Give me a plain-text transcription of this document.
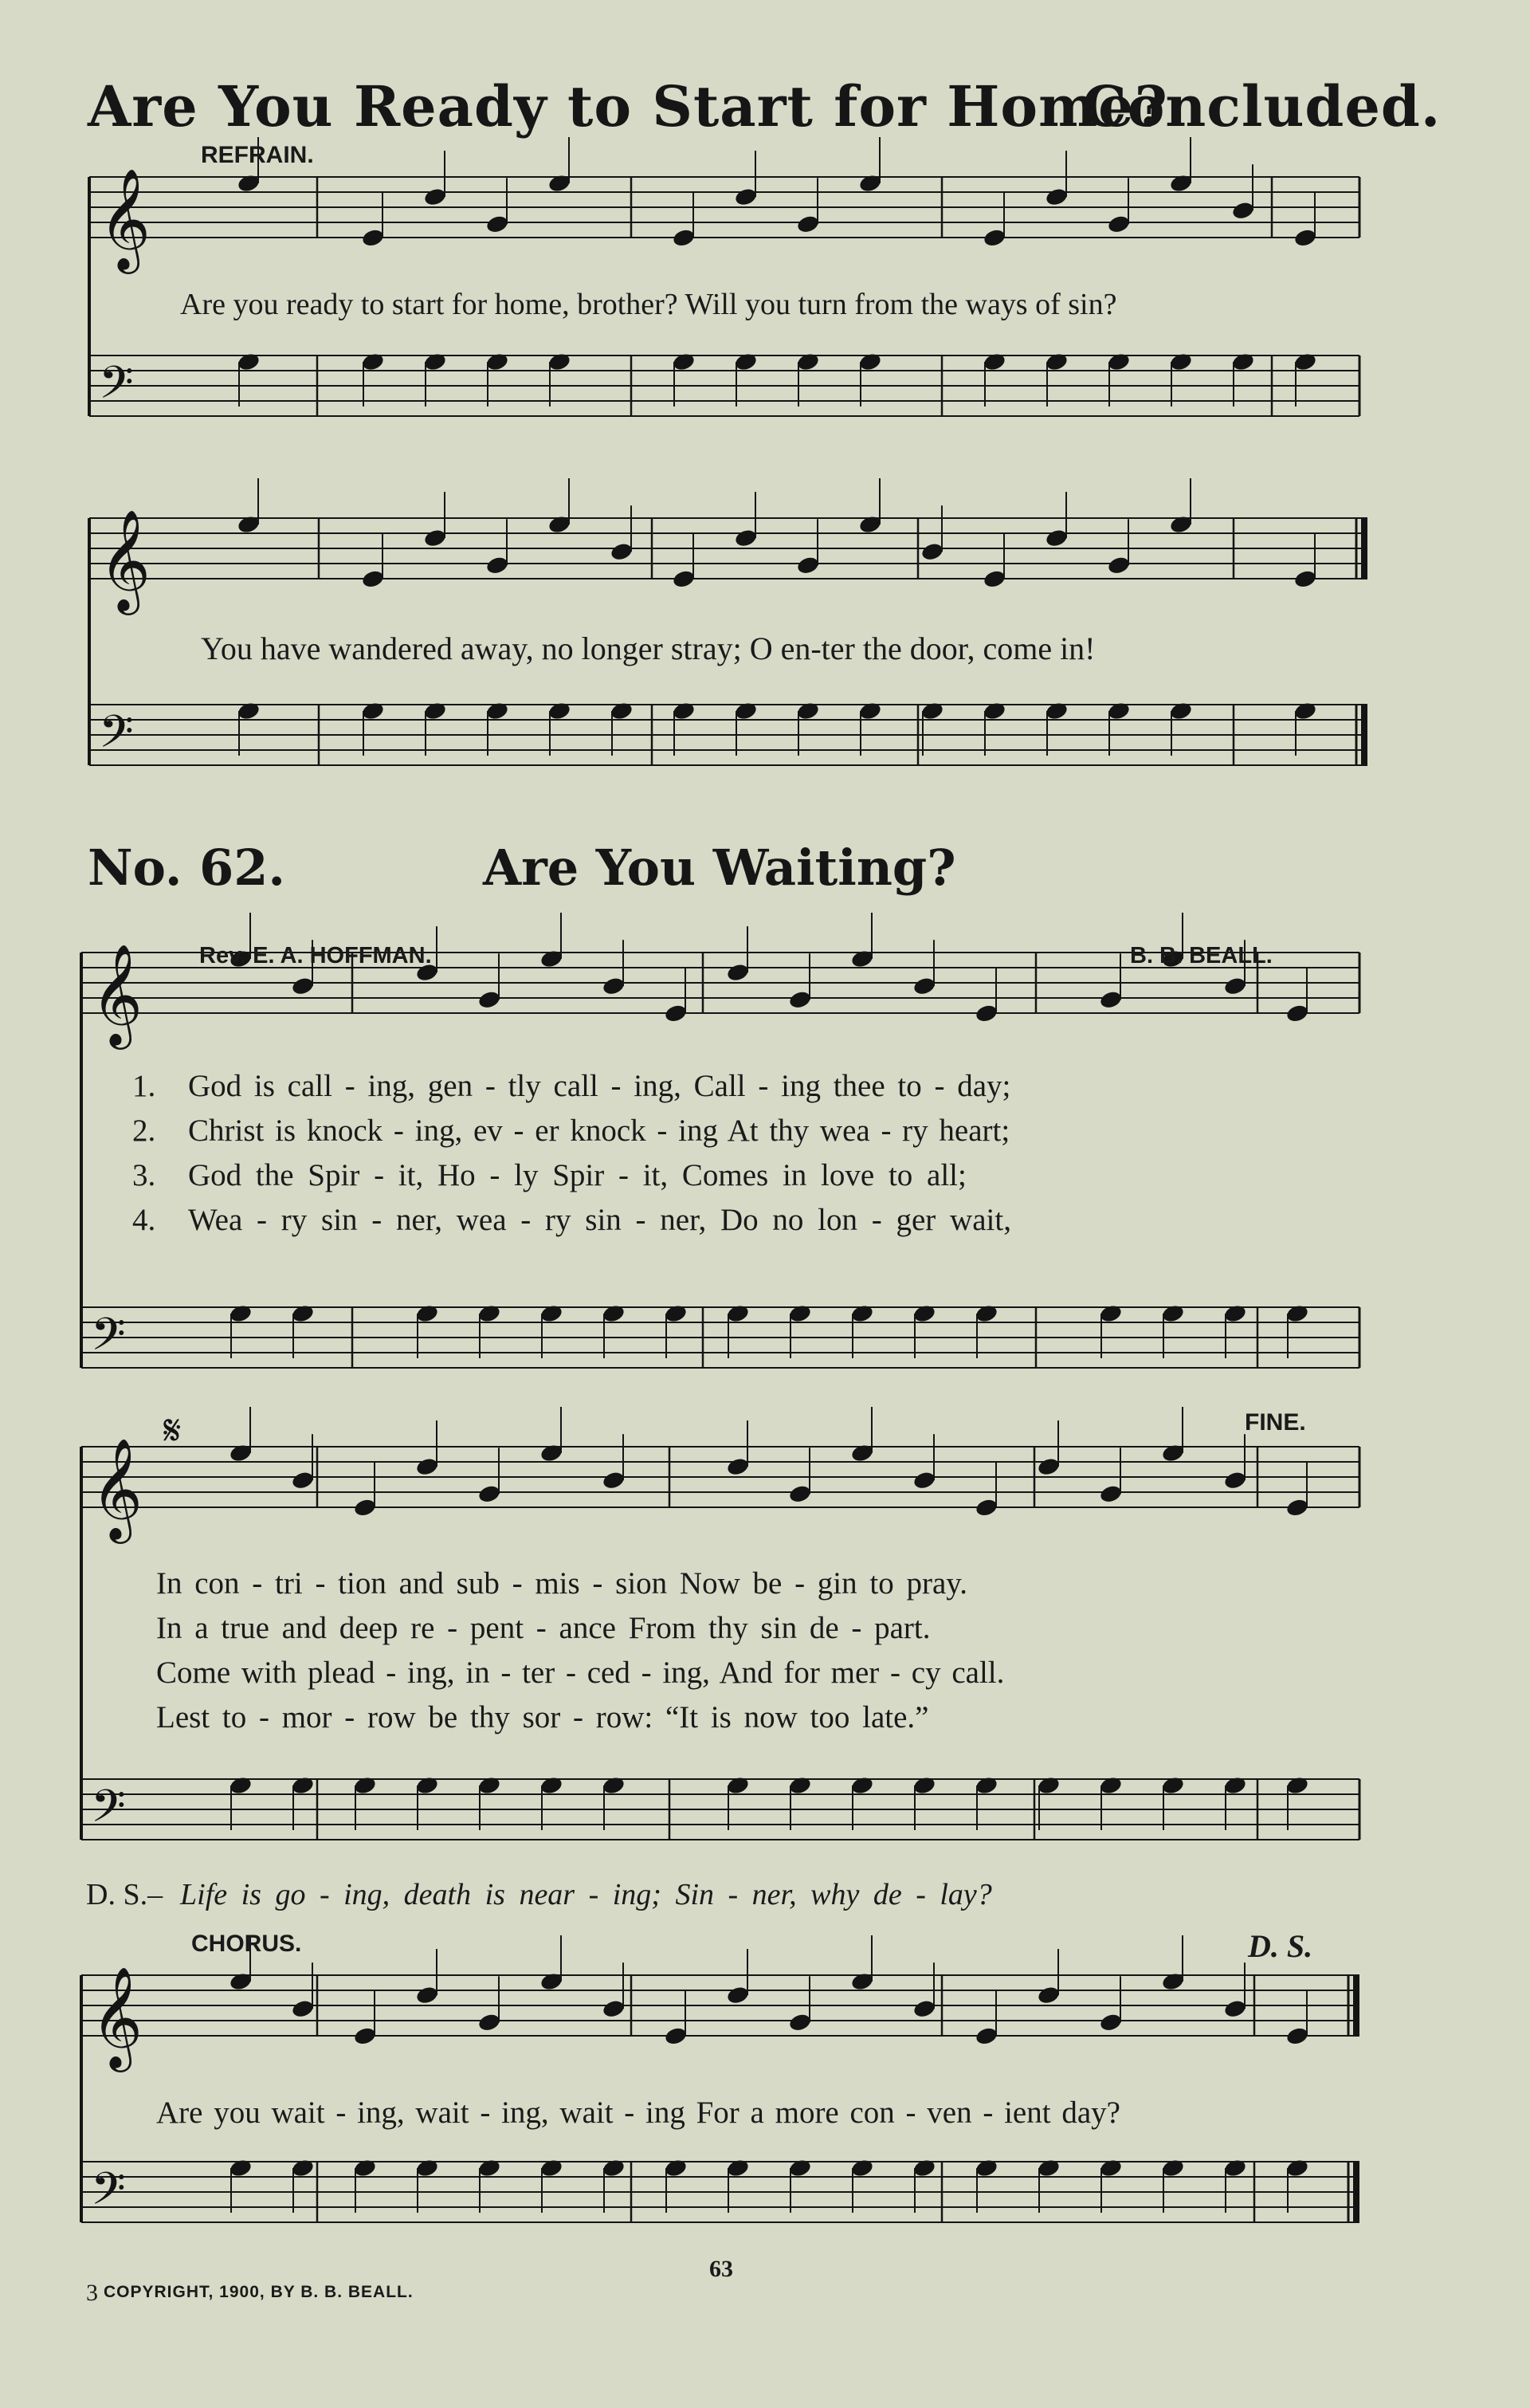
Are You Ready to Start for Home?
Concluded.
𝄞
𝄢
𝄞
𝄢
𝄞
𝄢
𝄞
𝄢
𝄞
𝄢
𝄋
REFRAIN.
Are you ready to start for home, brother? Will you turn from the ways of sin?
You have wandered away, no longer stray; O en-ter the door, come in!
No. 62.	Are You Waiting?
Rev. E. A. HOFFMAN.	B. B. BEALL.
1. God is call - ing, gen - tly call - ing, Call - ing thee to - day;
2. Christ is knock - ing, ev - er knock - ing At thy wea - ry heart;
3. God the Spir - it, Ho - ly Spir - it, Comes in love to all;
4. Wea - ry sin - ner, wea - ry sin - ner, Do no lon - ger wait,
FINE.
In con - tri - tion and sub - mis - sion Now be - gin to pray.
In a true and deep re - pent - ance From thy sin de - part.
Come with plead - ing, in - ter - ced - ing, And for mer - cy call.
Lest to - mor - row be thy sor - row: “It is now too late.”
D. S.– Life is go - ing, death is near - ing; Sin - ner, why de - lay?
CHORUS.	D. S.
Are you wait - ing, wait - ing, wait - ing For a more con - ven - ient day?
3 COPYRIGHT, 1900, BY B. B. BEALL.
63
